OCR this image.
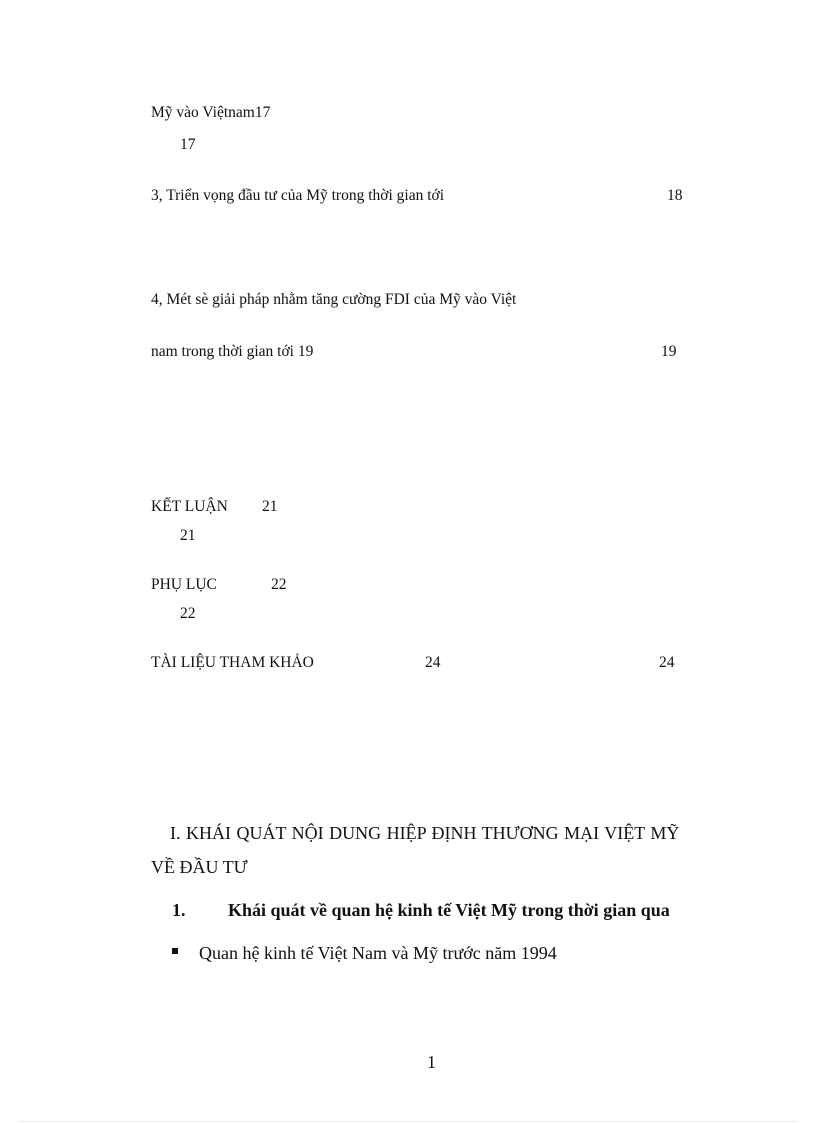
Mỹ vào Việtnam17
17
3, Triển vọng đầu tư của Mỹ trong thời gian tới	18
4, Mét sè giải pháp nhằm tăng cường FDI của Mỹ vào Việt
nam trong thời gian tới 19	19
KẾT LUẬN 21
21
PHỤ LỤC	22
22
TÀI LIỆU THAM KHẢO	24	24
I. KHÁI QUÁT NỘI DUNG HIỆP ĐỊNH THƯƠNG MẠI VIỆT MỸ
VỀ ĐẦU TƯ
1. Khái quát về quan hệ kinh tế Việt Mỹ trong thời gian qua
Quan hệ kinh tế Việt Nam và Mỹ trước năm 1994
1
